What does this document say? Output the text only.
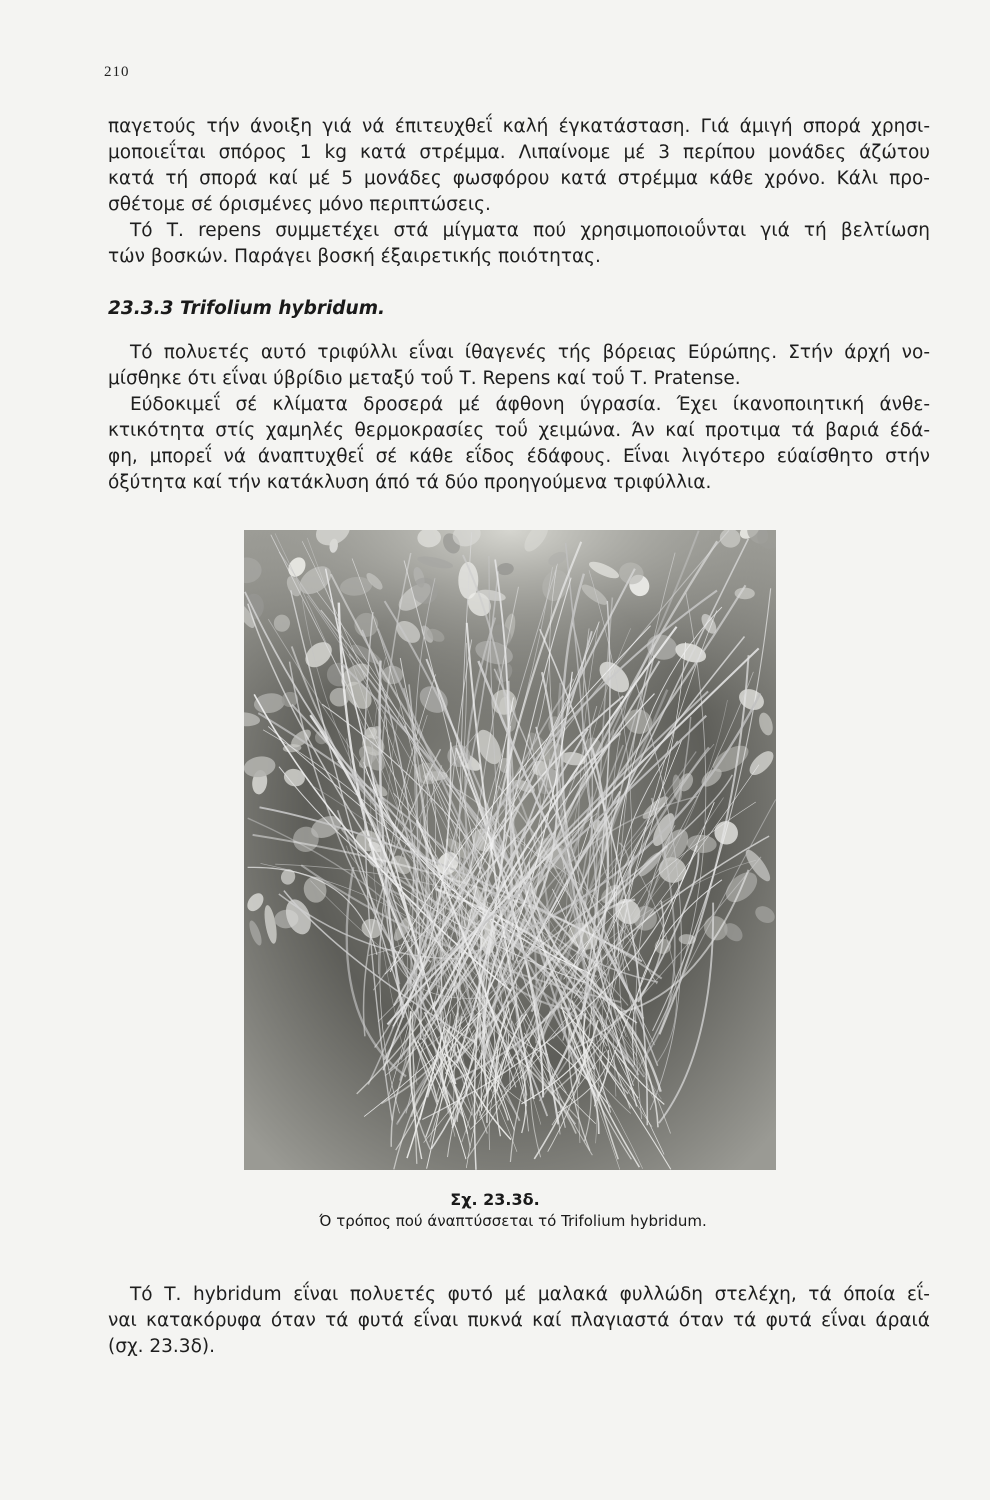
210
παγετούς τήν άνοιξη γιά νά έπιτευχθεΐ καλή έγκατάσταση. Γιά άμιγή σπορά χρησι-
μοποιεΐται σπόρος 1 kg κατά στρέμμα. Λιπαίνομε μέ 3 περίπου μονάδες άζώτου
κατά τή σπορά καί μέ 5 μονάδες φωσφόρου κατά στρέμμα κάθε χρόνο. Κάλι προ-
σθέτομε σέ όρισμένες μόνο περιπτώσεις.
Τό Τ. repens συμμετέχει στά μίγματα πού χρησιμοποιοΰνται γιά τή βελτίωση
τών βοσκών. Παράγει βοσκή έξαιρετικής ποιότητας.
23.3.3 Trifolium hybridum.
Τό πολυετές αυτό τριφύλλι εΐναι ίθαγενές τής βόρειας Εύρώπης. Στήν άρχή νο-
μίσθηκε ότι εΐναι ύβρίδιο μεταξύ τοΰ Τ. Repens καί τοΰ Τ. Pratense.
Εύδοκιμεΐ σέ κλίματα δροσερά μέ άφθονη ύγρασία. Έχει ίκανοποιητική άνθε-
κτικότητα στίς χαμηλές θερμοκρασίες τοΰ χειμώνα. Άν καί προτιμα τά βαριά έδά-
φη, μπορεΐ νά άναπτυχθεΐ σέ κάθε εΐδος έδάφους. Εΐναι λιγότερο εύαίσθητο στήν
όξύτητα καί τήν κατάκλυση άπό τά δύο προηγούμενα τριφύλλια.
Σχ. 23.3δ.
Ό τρόπος πού άναπτύσσεται τό Trifolium hybridum.
Τό Τ. hybridum εΐναι πολυετές φυτό μέ μαλακά φυλλώδη στελέχη, τά όποία εΐ-
ναι κατακόρυφα όταν τά φυτά εΐναι πυκνά καί πλαγιαστά όταν τά φυτά εΐναι άραιά
(σχ. 23.3δ).
